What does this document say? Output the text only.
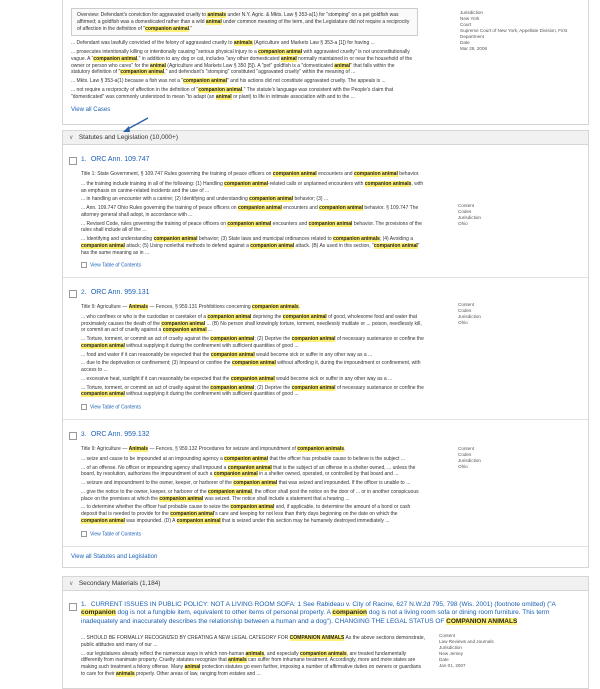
Overview: Defendant's conviction for aggravated cruelty to animals under N.Y. Agric. & Mkts. Law § 353-a(1) for "stomping" on a pet goldfish was affirmed; a goldfish was a domesticated rather than a wild animal under common meaning of the term, and the Legislature did not require a reciprocity of affection in the definition of "companion animal."
... Defendant was lawfully convicted of the felony of aggravated cruelty to animals (Agriculture and Markets Law § 353-a [1]) for having ...
... prosecutes intentionally killing or intentionally causing "serious physical injury to a companion animal with aggravated cruelty" is not unconstitutionally vague. A "companion animal," in addition to any dog or cat, includes "any other domesticated animal normally maintained in or near the household of the owner or person who cares" for the animal (Agriculture and Markets Law § 350 [5]). A "pet" goldfish is a "domesticated animal" that falls within the statutory definition of "companion animal," and defendant's "stomping" constituted "aggravated cruelty" within the meaning of ...
... Mkts. Law § 353-a(1) because a fish was not a "companion animal" and his actions did not constitute aggravated cruelty. The appeals is ...
... not require a reciprocity of affection in the definition of "companion animal." The statute's language was consistent with the People's claim that "domesticated" was commonly understood to mean "to adapt (an animal or plant) to life in intimate association with and to the ...
View all Cases
Jurisdiction
New York
Court
Supreme Court of New York, Appellate Division, First Department
Date
Mar 28, 2006
∨ Statutes and Legislation (10,000+)
1. ORC Ann. 109.747
Title 1: State Government, § 109.747 Rules governing the training of peace officers on companion animal encounters and companion animal behavior.
... the training include training in all of the following: (1) Handling companion animal-related calls or unplanned encounters with companion animals, with an emphasis on canine-related incidents and the use of ...
... in handling an encounter with a canine; (2) Identifying and understanding companion animal behavior; (3) ...
... Ann. 109.747 Ohio Rules governing the training of peace officers on companion animal encounters and companion animal behavior. § 109.747 The attorney general shall adopt, in accordance with ...
... Revised Code, rules governing the training of peace officers on companion animal encounters and companion animal behavior. The provisions of the rules shall include all of the ...
... Identifying and understanding companion animal behavior; (3) State laws and municipal ordinances related to companion animals; (4) Avoiding a companion animal attack; (5) Using nonlethal methods to defend against a companion animal attack. (B) As used in this section, "companion animal" has the same meaning as in ...
View Table of Contents
Content
Codes
Jurisdiction
Ohio
2. ORC Ann. 959.131
Title 9: Agriculture — Animals — Fences, § 959.131 Prohibitions concerning companion animals.
... who confines or who is the custodian or caretaker of a companion animal depriving the companion animal of good, wholesome food and water that proximately causes the death of the companion animal ... (B) No person shall knowingly torture, torment, needlessly mutilate or ... poison, needlessly kill, or commit an act of cruelty against a companion animal ...
... Torture, torment, or commit an act of cruelty against the companion animal; (2) Deprive the companion animal of necessary sustenance or confine the companion animal without supplying it during the confinement with sufficient quantities of good ...
... food and water if it can reasonably be expected that the companion animal would become sick or suffer in any other way as a ...
... due to the deprivation or confinement; (3) Impound or confine the companion animal without affording it, during the impoundment or confinement, with access to ...
... excessive heat, sunlight if it can reasonably be expected that the companion animal would become sick or suffer in any other way as a ...
... Torture, torment, or commit an act of cruelty against the companion animal; (2) Deprive the companion animal of necessary sustenance or confine the companion animal without supplying it during the confinement with sufficient quantities of good ...
View Table of Contents
Content
Codes
Jurisdiction
Ohio
3. ORC Ann. 959.132
Title 9: Agriculture — Animals — Fences, § 959.132 Procedures for seizure and impoundment of companion animals.
... seize and cause to be impounded at an impounding agency a companion animal that the officer has probable cause to believe is the subject ...
... of an offense. No officer or impounding agency shall impound a companion animal that is the subject of an offense in a shelter owned, ... unless the board, by resolution, authorizes the impoundment of such a companion animal in a shelter owned, operated, or controlled by that board and ...
... seizure and impoundment to the owner, keeper, or harborer of the companion animal that was seized and impounded. If the officer is unable to ...
... give the notice to the owner, keeper, or harborer of the companion animal, the officer shall post the notice on the door of ... or in another conspicuous place on the premises at which the companion animal was seized. The notice shall include a statement that a hearing ...
... to determine whether the officer had probable cause to seize the companion animal and, if applicable, to determine the amount of a bond or cash deposit that is needed to provide for the companion animal's care and keeping for not less than thirty days beginning on the date on which the companion animal was impounded. (D) A companion animal that is seized under this section may be humanely destroyed immediately ...
View Table of Contents
Content
Codes
Jurisdiction
Ohio
View all Statutes and Legislation
∨ Secondary Materials (1,184)
1. CURRENT ISSUES IN PUBLIC POLICY: NOT A LIVING ROOM SOFA: 1 See Rabideau v. City of Racine, 627 N.W.2d 795, 798 (Wis. 2001) (footnote omitted) ("A companion dog is not a fungible item, equivalent to other items of personal property. A companion dog is not a living room sofa or dining room furniture. This term inadequately and inaccurately describes the relationship between a human and a dog"). CHANGING THE LEGAL STATUS OF COMPANION ANIMALS
... SHOULD BE FORMALLY RECOGNIZED BY CREATING A NEW LEGAL CATEGORY FOR COMPANION ANIMALS As the above sections demonstrate, public attitudes and many of our ...
... our legislatures already reflect the numerous ways in which non-human animals, and especially companion animals, are treated fundamentally differently from inanimate property. Cruelty statutes recognize that animals can suffer from inhumane treatment. Accordingly, more and more states are making such treatment a felony offense. Many animal protection statutes go even further, imposing a number of affirmative duties on owners or guardians to care for their animals properly. Other areas of law, ranging from estates and ...
Content
Law Reviews and Journals
Jurisdiction
New Jersey
Date
Jan 01, 2007
